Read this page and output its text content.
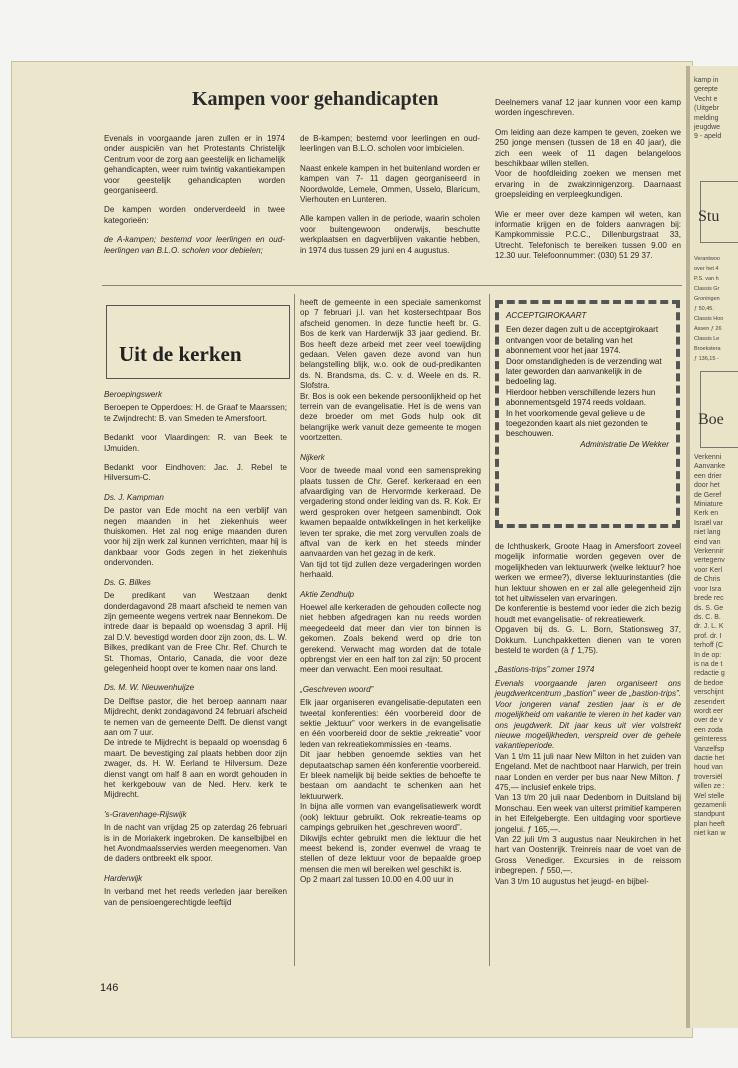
Kampen voor gehandicapten

Evenals in voorgaande jaren zullen er in 1974 onder auspiciën van het Protestants Christelijk Centrum voor de zorg aan geestelijk en lichamelijk gehandicapten, weer ruim twintig vakantiekampen voor geestelijk gehandicapten worden georganiseerd.

De kampen worden onderverdeeld in twee kategorieën:

de A-kampen; bestemd voor leerlingen en oud-leerlingen van B.L.O. scholen voor debielen;

de B-kampen; bestemd voor leerlingen en oud-leerlingen van B.L.O. scholen voor imbicielen.

Naast enkele kampen in het buitenland worden er kampen van 7- 11 dagen georganiseerd in Noordwolde, Lemele, Ommen, Usselo, Blaricum, Vierhouten en Lunteren.

Alle kampen vallen in de periode, waarin scholen voor buitengewoon onderwijs, beschutte werkplaatsen en dagverblijven vakantie hebben, in 1974 dus tussen 29 juni en 4 augustus.

Deelnemers vanaf 12 jaar kunnen voor een kamp worden ingeschreven.

Om leiding aan deze kampen te geven, zoeken we 250 jonge mensen (tussen de 18 en 40 jaar), die zich een week of 11 dagen belangeloos beschikbaar willen stellen.

Voor de hoofdleiding zoeken we mensen met ervaring in de zwakzinnigenzorg. Daarnaast groepsleiding en verpleegkundigen.

Wie er meer over deze kampen wil weten, kan informatie krijgen en de folders aanvragen bij: Kampkommissie P.C.C., Dillenburgstraat 33, Utrecht. Telefonisch te bereiken tussen 9.00 en 12.30 uur. Telefoonnummer: (030) 51 29 37.

Uit de kerken
Beroepingswerk

Beroepen te Opperdoes: H. de Graaf te Maarssen; te Zwijndrecht: B. van Smeden te Amersfoort.

Bedankt voor Vlaardingen: R. van Beek te IJmuiden.

Bedankt voor Eindhoven: Jac. J. Rebel te Hilversum-C.

Ds. J. Kampman

De pastor van Ede mocht na een verblijf van negen maanden in het ziekenhuis weer thuiskomen. Het zal nog enige maanden duren voor hij zijn werk zal kunnen verrichten, maar hij is dankbaar voor Gods zegen in het ziekenhuis ondervonden.

Ds. G. Bilkes

De predikant van Westzaan denkt donderdagavond 28 maart afscheid te nemen van zijn gemeente wegens vertrek naar Bennekom. De intrede daar is bepaald op woensdag 3 april. Hij zal D.V. bevestigd worden door zijn zoon, ds. L. W. Bilkes, predikant van de Free Chr. Ref. Church te St. Thomas, Ontario, Canada, die voor deze gelegenheid hoopt over te komen naar ons land.

Ds. M. W. Nieuwenhuijze

De Delftse pastor, die het beroep aannam naar Mijdrecht, denkt zondagavond 24 februari afscheid te nemen van de gemeente Delft. De dienst vangt aan om 7 uur.

De intrede te Mijdrecht is bepaald op woensdag 6 maart. De bevestiging zal plaats hebben door zijn zwager, ds. H. W. Eerland te Hilversum. Deze dienst vangt om half 8 aan en wordt gehouden in het kerkgebouw van de Ned. Herv. kerk te Mijdrecht.

's-Gravenhage-Rijswijk

In de nacht van vrijdag 25 op zaterdag 26 februari is in de Moriakerk ingebroken. De kanselbijbel en het Avondmaalsservies werden meegenomen. Van de daders ontbreekt elk spoor.

Harderwijk

In verband met het reeds verleden jaar bereiken van de pensioengerechtigde leeftijd

heeft de gemeente in een speciale samenkomst op 7 februari j.l. van het kostersechtpaar Bos afscheid genomen. In deze functie heeft br. G. Bos de kerk van Harderwijk 33 jaar gediend. Br. Bos heeft deze arbeid met zeer veel toewijding gedaan. Velen gaven deze avond van hun belangstelling blijk, w.o. ook de oud-predikanten ds. N. Brandsma, ds. C. v. d. Weele en ds. R. Slofstra.

Br. Bos is ook een bekende persoonlijkheid op het terrein van de evangelisatie. Het is de wens van deze broeder om met Gods hulp ook dit belangrijke werk vanuit deze gemeente te mogen voortzetten.

Nijkerk

Voor de tweede maal vond een samenspreking plaats tussen de Chr. Geref. kerkeraad en een afvaardiging van de Hervormde kerkeraad. De vergadering stond onder leiding van ds. R. Kok. Er werd gesproken over hetgeen samenbindt. Ook kwamen bepaalde ontwikkelingen in het kerkelijke leven ter sprake, die met zorg vervullen zoals de aftval van de kerk en het steeds minder aanvaarden van het gezag in de kerk.

Van tijd tot tijd zullen deze vergaderingen worden herhaald.

Aktie Zendhulp

Hoewel alle kerkeraden de gehouden collecte nog niet hebben afgedragen kan nu reeds worden meegedeeld dat meer dan vier ton binnen is gekomen. Zoals bekend werd op drie ton gerekend. Verwacht mag worden dat de totale opbrengst vier en een half ton zal zijn: 50 procent meer dan verwacht. Een mooi resultaat.

„Geschreven woord”

Elk jaar organiseren evangelisatie-deputaten een tweetal konferenties: één voorbereid door de sektie „lektuur” voor werkers in de evangelisatie en één voorbereid door de sektie „rekreatie” voor leden van rekreatiekommissies en -teams.

Dit jaar hebben genoemde sekties van het deputaatschap samen één konferentie voorbereid. Er bleek namelijk bij beide sekties de behoefte te bestaan om aandacht te schenken aan het lektuurwerk.

In bijna alle vormen van evangelisatiewerk wordt (ook) lektuur gebruikt. Ook rekreatie-teams op campings gebruiken het „geschreven woord”.

Dikwijls echter gebruikt men die lektuur die het meest bekend is, zonder evenwel de vraag te stellen of deze lektuur voor de bepaalde groep mensen die men wil bereiken wel geschikt is.

Op 2 maart zal tussen 10.00 en 4.00 uur in

ACCEPTGIROKAART

Een dezer dagen zult u de acceptgirokaart ontvangen voor de betaling van het abonnement voor het jaar 1974.

Door omstandigheden is de verzending wat later geworden dan aanvankelijk in de bedoeling lag.

Hierdoor hebben verschillende lezers hun abonnementsgeld 1974 reeds voldaan.

In het voorkomende geval gelieve u de toegezonden kaart als niet gezonden te beschouwen.

Administratie De Wekker

de Ichthuskerk, Groote Haag in Amersfoort zoveel mogelijk informatie worden gegeven over de mogelijkheden van lektuurwerk (welke lektuur? hoe werken we ermee?), diverse lektuurinstanties (die hun lektuur showen en er zal alle gelegenheid zijn tot het uitwisselen van ervaringen.

De konferentie is bestemd voor ieder die zich bezig houdt met evangelisatie- of rekreatiewerk.

Opgaven bij ds. G. L. Born, Stationsweg 37, Dokkum. Lunchpakketten dienen van te voren besteld te worden (à ƒ 1,75).

„Bastions-trips” zomer 1974

Evenals voorgaande jaren organiseert ons jeugdwerkcentrum „bastion” weer de „bastion-trips”. Voor jongeren vanaf zestien jaar is er de mogelijkheid om vakantie te vieren in het kader van ons jeugdwerk. Dit jaar keus uit vier volstrekt nieuwe mogelijkheden, verspreid over de gehele vakantieperiode.

Van 1 t/m 11 juli naar New Milton in het zuiden van Engeland. Met de nachtboot naar Harwich, per trein naar Londen en verder per bus naar New Milton. ƒ 475,— inclusief enkele trips.

Van 13 t/m 20 juli naar Dedenborn in Duitsland bij Monschau. Een week van uiterst primitief kamperen in het Eifelgebergte. Een uitdaging voor sportieve jongelui. ƒ 165,—.

Van 22 juli t/m 3 augustus naar Neukirchen in het hart van Oostenrijk. Treinreis naar de voet van de Gross Venediger. Excursies in de reissom inbegrepen. ƒ 550,—.

Van 3 t/m 10 augustus het jeugd- en bijbel-

146
kamp in
gerepte
Vecht e
(Uitgebr
melding
jeugdwe
9 - apeld
Stu
Verantwoo
over het 4
P.S. van h
Classis Gr
Groningen
ƒ 50,45.
Classis Hoo
Assen ƒ 26
Classis Le
Broekstera
ƒ 136,15 -
Boe
Verkenni
Aanvanke
een drier
door het
de Geref
Miniature
Kerk en
Israël var
niet lang
eind van
Verkennir
vertegenv
voor Kerl
de Chris
voor Isra
brede rec
ds. S. Ge
ds. C. B.
dr. J. L. K
prof. dr. I
terhoff (C
In de op:
is na de t
redactie g
de bedoe
verschijnt
zesendert
wordt eer
over de v
een zoda
geïnteress
Vanzelfsp
dactie het
houd van
troversiël
willen ze :
Wel stelle
gezamenli
standpunt
plan heeft
niet kan w
